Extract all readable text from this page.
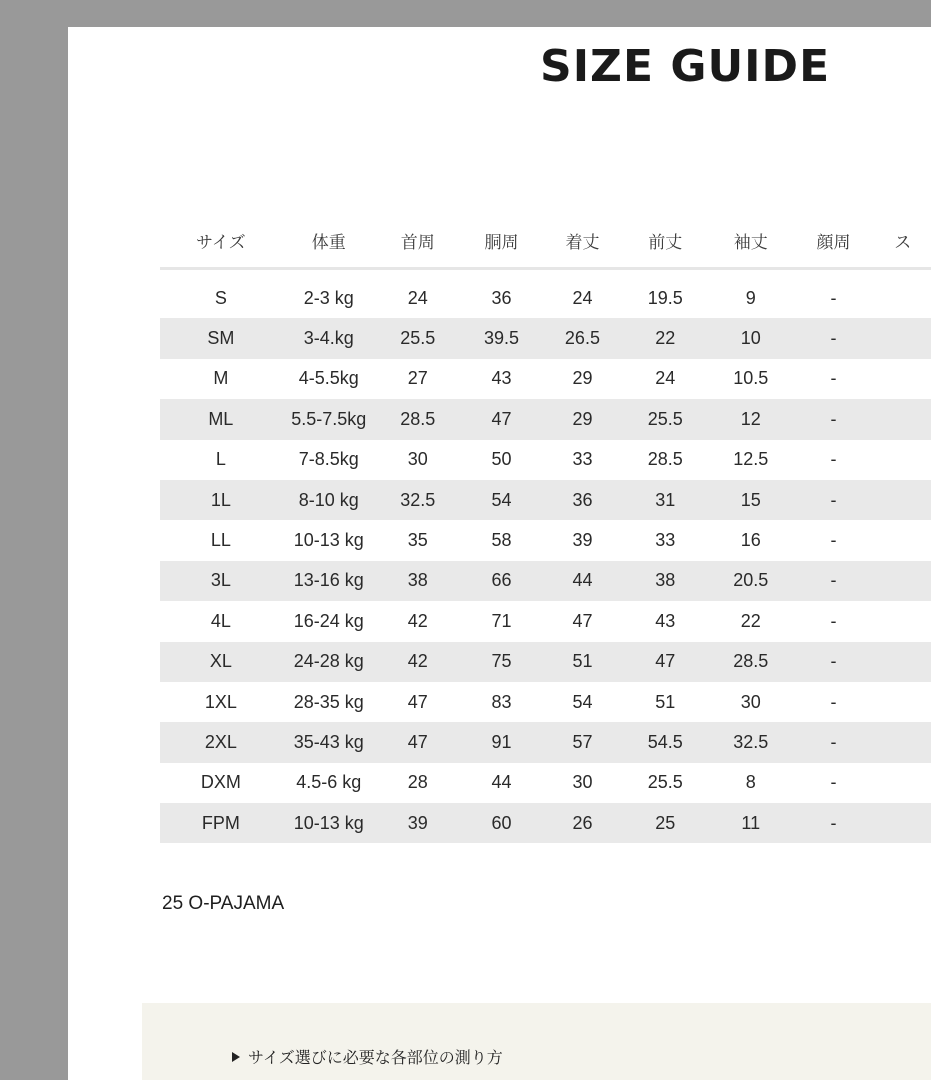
SIZE GUIDE
サイズ	体重	首周	胴周	着丈	前丈	袖丈	顔周	ス

S	2-3 kg	24	36	24	19.5	9	-	
SM	3-4.kg	25.5	39.5	26.5	22	10	-	
M	4-5.5kg	27	43	29	24	10.5	-	
ML	5.5-7.5kg	28.5	47	29	25.5	12	-	
L	7-8.5kg	30	50	33	28.5	12.5	-	
1L	8-10 kg	32.5	54	36	31	15	-	
LL	10-13 kg	35	58	39	33	16	-	
3L	13-16 kg	38	66	44	38	20.5	-	
4L	16-24 kg	42	71	47	43	22	-	
XL	24-28 kg	42	75	51	47	28.5	-	
1XL	28-35 kg	47	83	54	51	30	-	
2XL	35-43 kg	47	91	57	54.5	32.5	-	
DXM	4.5-6 kg	28	44	30	25.5	8	-	
FPM	10-13 kg	39	60	26	25	11	-	
25 O-PAJAMA
サイズ選びに必要な各部位の測り方
